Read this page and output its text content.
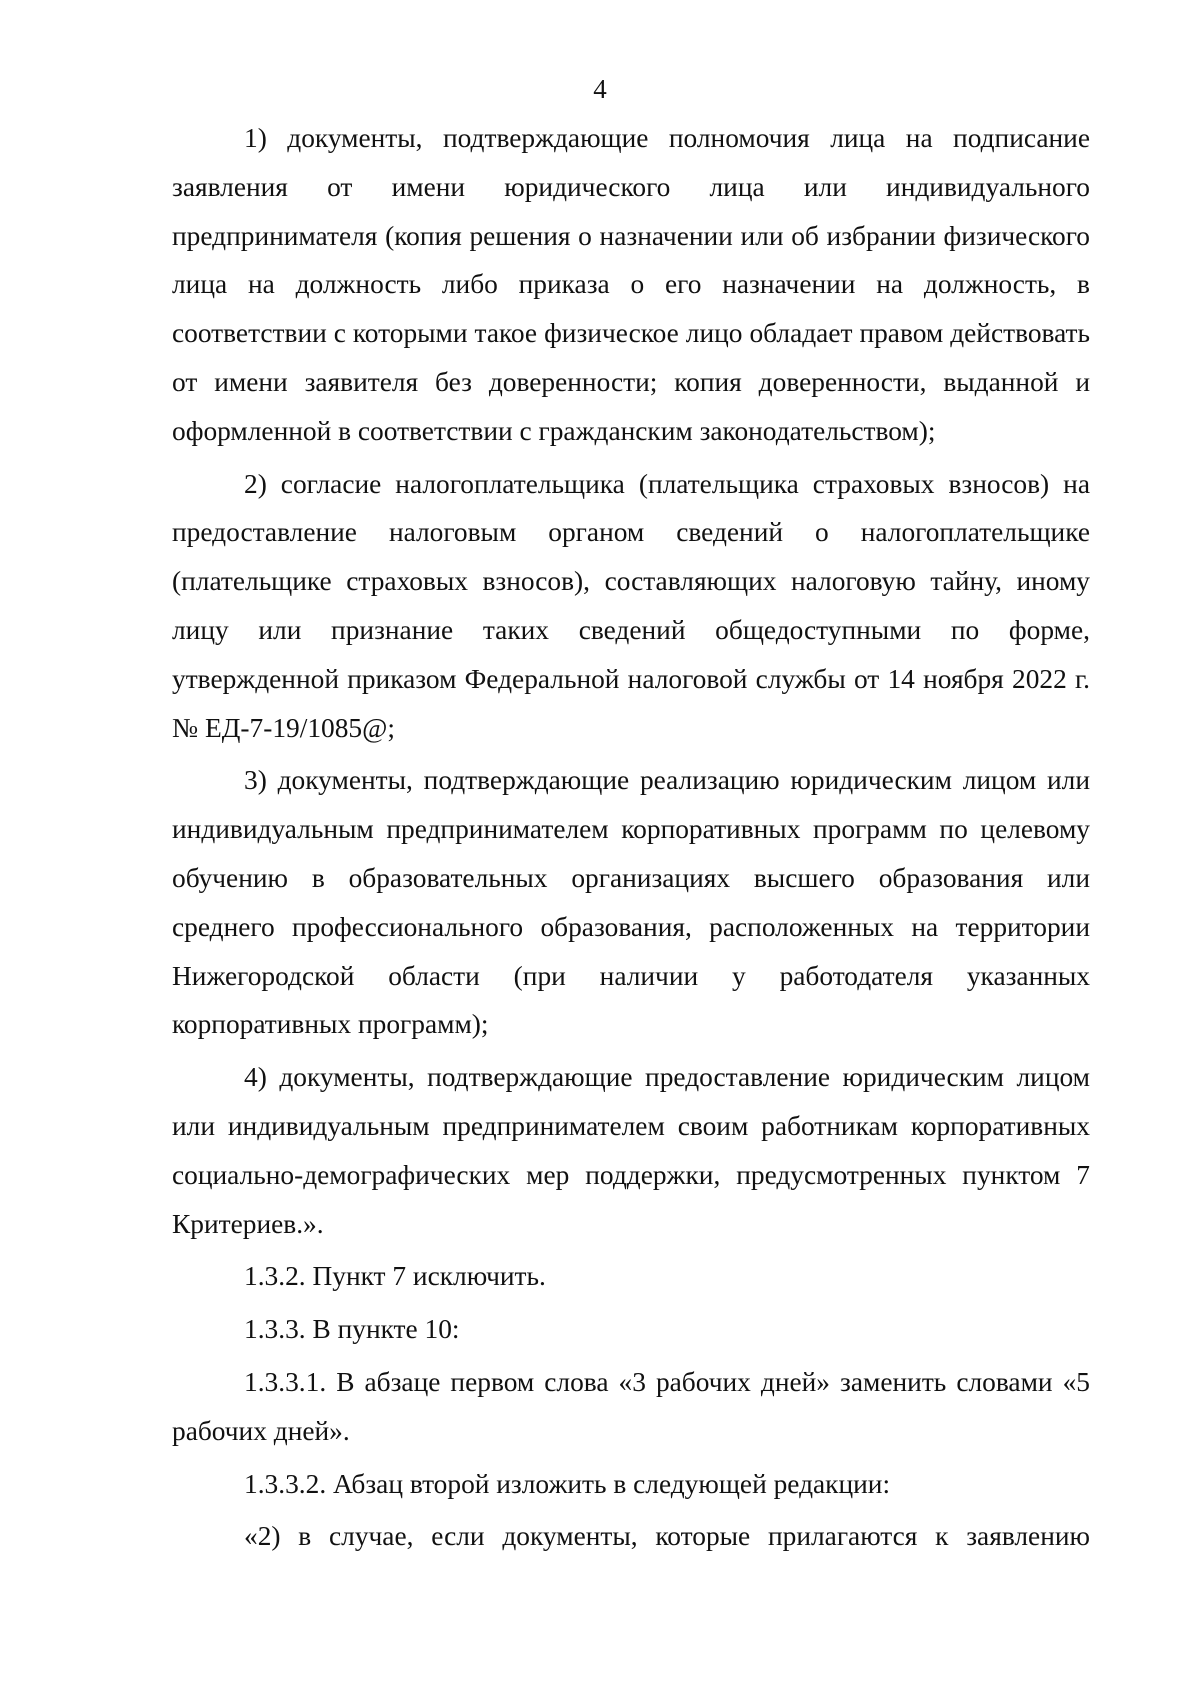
4

1) документы, подтверждающие полномочия лица на подписание заявления от имени юридического лица или индивидуального предпринимателя (копия решения о назначении или об избрании физического лица на должность либо приказа о его назначении на должность, в соответствии с которыми такое физическое лицо обладает правом действовать от имени заявителя без доверенности; копия доверенности, выданной и оформленной в соответствии с гражданским законодательством);

2) согласие налогоплательщика (плательщика страховых взносов) на предоставление налоговым органом сведений о налогоплательщике (плательщике страховых взносов), составляющих налоговую тайну, иному лицу или признание таких сведений общедоступными по форме, утвержденной приказом Федеральной налоговой службы от 14 ноября 2022 г. № ЕД-7-19/1085@;

3) документы, подтверждающие реализацию юридическим лицом или индивидуальным предпринимателем корпоративных программ по целевому обучению в образовательных организациях высшего образования или среднего профессионального образования, расположенных на территории Нижегородской области (при наличии у работодателя указанных корпоративных программ);

4) документы, подтверждающие предоставление юридическим лицом или индивидуальным предпринимателем своим работникам корпоративных социально-демографических мер поддержки, предусмотренных пунктом 7 Критериев.».

1.3.2. Пункт 7 исключить.

1.3.3. В пункте 10:

1.3.3.1. В абзаце первом слова «3 рабочих дней» заменить словами «5 рабочих дней».

1.3.3.2. Абзац второй изложить в следующей редакции:

«2) в случае, если документы, которые прилагаются к заявлению
